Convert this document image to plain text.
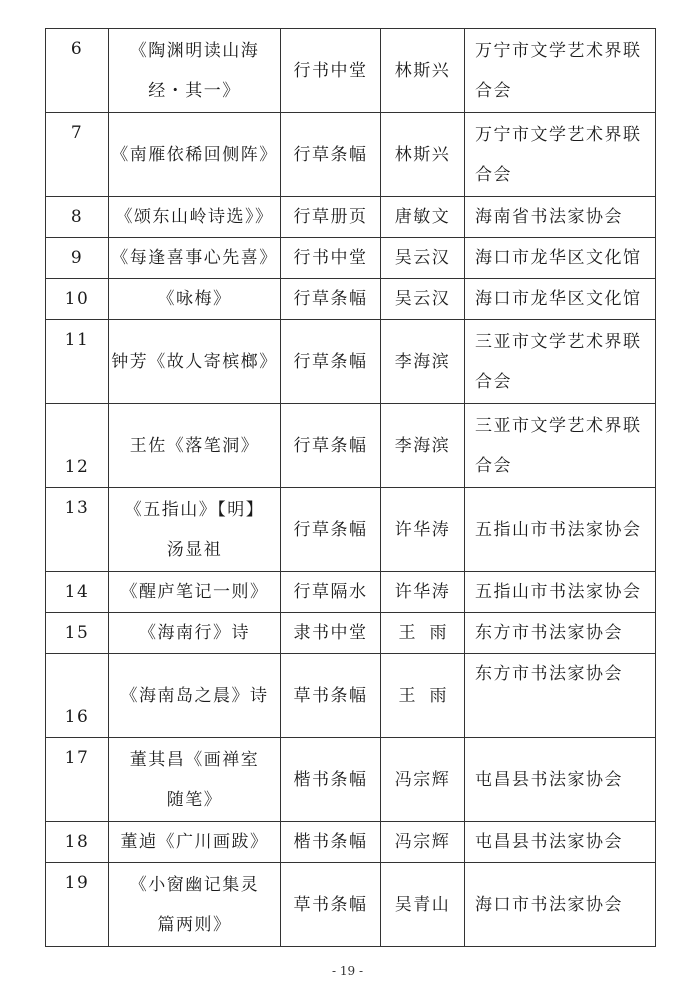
6	《陶渊明读山海经・其一》	行书中堂	林斯兴	万宁市文学艺术界联合会
7	《南雁依稀回侧阵》	行草条幅	林斯兴	万宁市文学艺术界联合会
8	《颂东山岭诗选》》	行草册页	唐敏文	海南省书法家协会
9	《每逢喜事心先喜》	行书中堂	吴云汉	海口市龙华区文化馆
10	《咏梅》	行草条幅	吴云汉	海口市龙华区文化馆
11	钟芳《故人寄槟榔》	行草条幅	李海滨	三亚市文学艺术界联合会
12	王佐《落笔洞》	行草条幅	李海滨	三亚市文学艺术界联合会
13	《五指山》【明】汤显祖	行草条幅	许华涛	五指山市书法家协会
14	《醒庐笔记一则》	行草隔水	许华涛	五指山市书法家协会
15	《海南行》诗	隶书中堂	王雨	东方市书法家协会
16	《海南岛之晨》诗	草书条幅	王雨	东方市书法家协会
17	董其昌《画禅室随笔》	楷书条幅	冯宗辉	屯昌县书法家协会
18	董逌《广川画跋》	楷书条幅	冯宗辉	屯昌县书法家协会
19	《小窗幽记集灵篇两则》	草书条幅	吴青山	海口市书法家协会
- 19 -
